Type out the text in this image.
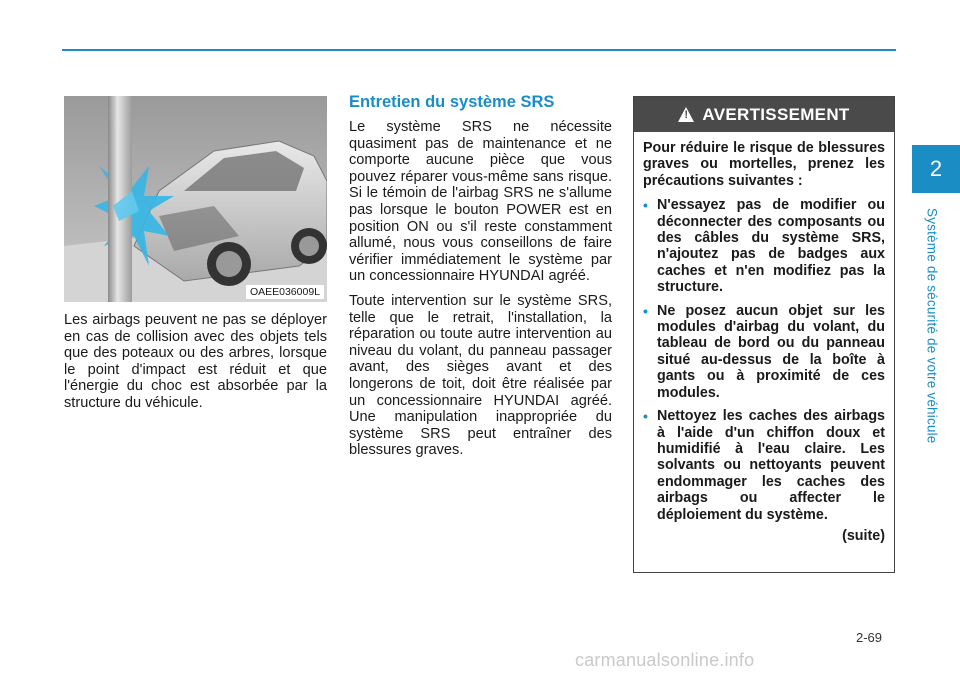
2
Système de sécurité de votre véhicule
OAEE036009L

Les airbags peuvent ne pas se déployer en cas de collision avec des objets tels que des poteaux ou des arbres, lorsque le point d'impact est réduit et que l'énergie du choc est absorbée par la structure du véhicule.

Entretien du système SRS

Le système SRS ne nécessite quasiment pas de maintenance et ne comporte aucune pièce que vous pouvez réparer vous-même sans risque. Si le témoin de l'airbag SRS ne s'allume pas lorsque le bouton POWER est en position ON ou s'il reste constamment allumé, nous vous conseillons de faire vérifier immédiatement le système par un concessionnaire HYUNDAI agréé.

Toute intervention sur le système SRS, telle que le retrait, l'installation, la réparation ou toute autre intervention au niveau du volant, du panneau passager avant, des sièges avant et des longerons de toit, doit être réalisée par un concessionnaire HYUNDAI agréé. Une manipulation inappropriée du système SRS peut entraîner des blessures graves.

! AVERTISSEMENT

Pour réduire le risque de blessures graves ou mortelles, prenez les précautions suivantes :

• N'essayez pas de modifier ou déconnecter des composants ou des câbles du système SRS, n'ajoutez pas de badges aux caches et n'en modifiez pas la structure.
• Ne posez aucun objet sur les modules d'airbag du volant, du tableau de bord ou du panneau situé au-dessus de la boîte à gants ou à proximité de ces modules.
• Nettoyez les caches des airbags à l'aide d'un chiffon doux et humidifié à l'eau claire. Les solvants ou nettoyants peuvent endommager les caches des airbags ou affecter le déploiement du système.
(suite)
2-69
carmanualsonline.info
